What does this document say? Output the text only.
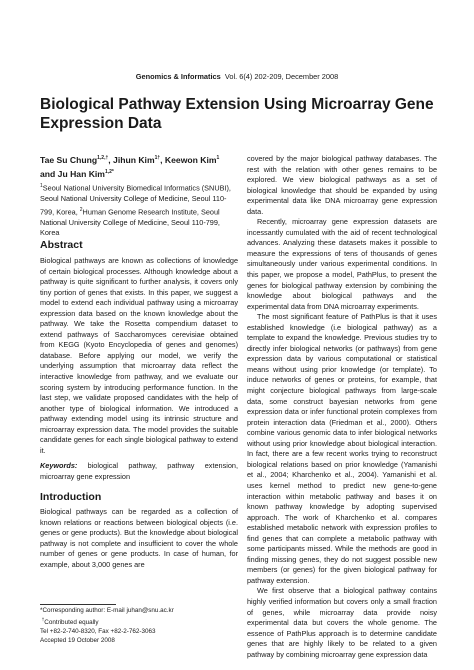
Genomics & Informatics Vol. 6(4) 202-209, December 2008
Biological Pathway Extension Using Microarray Gene Expression Data
Tae Su Chung$^{1,2,\dagger}$, Jihun Kim$^{1\dagger}$, Keewon Kim$^1$
and Ju Han Kim$^{1,2*}$
$^1$Seoul National University Biomedical Informatics (SNUBI), Seoul National University College of Medicine, Seoul 110-799, Korea, $^2$Human Genome Research Institute, Seoul National University College of Medicine, Seoul 110-799, Korea
Abstract

Biological pathways are known as collections of knowledge of certain biological processes. Although knowledge about a pathway is quite significant to further analysis, it covers only tiny portion of genes that exists. In this paper, we suggest a model to extend each individual pathway using a microarray expression data based on the known knowledge about the pathway. We take the Rosetta compendium dataset to extend pathways of Saccharomyces cerevisiae obtained from KEGG (Kyoto Encyclopedia of genes and genomes) database. Before applying our model, we verify the underlying assumption that microarray data reflect the interactive knowledge from pathway, and we evaluate our scoring system by introducing performance function. In the last step, we validate proposed candidates with the help of another type of biological information. We introduced a pathway extending model using its intrinsic structure and microarray expression data. The model provides the suitable candidate genes for each single biological pathway to extend it.

Keywords: biological pathway, pathway extension, microarray gene expression
Introduction

Biological pathways can be regarded as a collection of known relations or reactions between biological objects (i.e. genes or gene products). But the knowledge about biological pathway is not complete and insufficient to cover the whole number of genes or gene products. In case of human, for example, about 3,000 genes are

*Corresponding author: E-mail juhan@snu.ac.kr
†Contributed equally
Tel +82-2-740-8320, Fax +82-2-762-3063
Accepted 19 October 2008

covered by the major biological pathway databases. The rest with the relation with other genes remains to be explored. We view biological pathways as a set of biological knowledge that should be expanded by using experimental data like DNA microarray gene expression data.

Recently, microarray gene expression datasets are incessantly cumulated with the aid of recent technological advances. Analyzing these datasets makes it possible to measure the expressions of tens of thousands of genes simultaneously under various experimental conditions. In this paper, we propose a model, PathPlus, to present the genes for biological pathway extension by combining the knowledge about biological pathways and the experimental data from DNA microarray experiments.

The most significant feature of PathPlus is that it uses established knowledge (i.e biological pathway) as a template to expand the knowledge. Previous studies try to directly infer biological networks (or pathways) from gene expression data by various computational or statistical means without using prior knowledge (or template). To induce networks of genes or proteins, for example, that might conjecture biological pathways from large-scale data, some construct bayesian networks from gene expression data or infer functional protein complexes from protein interaction data (Friedman et al., 2000). Others combine various genomic data to infer biological networks without using prior knowledge about biological interaction. In fact, there are a few recent works trying to reconstruct biological relations based on prior knowledge (Yamanishi et al., 2004; Kharchenko et al., 2004). Yamanishi et al. uses kernel method to predict new gene-to-gene interaction within metabolic pathway and bases it on known pathway knowledge by adopting supervised approach. The work of Kharchenko et al. compares established metabolic network with expression profiles to find genes that can complete a metabolic pathway with some participants missed. While the methods are good in finding missing genes, they do not suggest possible new members (or genes) for the given biological pathway for pathway extension.

We first observe that a biological pathway contains highly verified information but covers only a small fraction of genes, while microarray data provide noisy experimental data but covers the whole genome. The essence of PathPlus approach is to determine candidate genes that are highly likely to be related to a given pathway by combining microarray gene expression data
